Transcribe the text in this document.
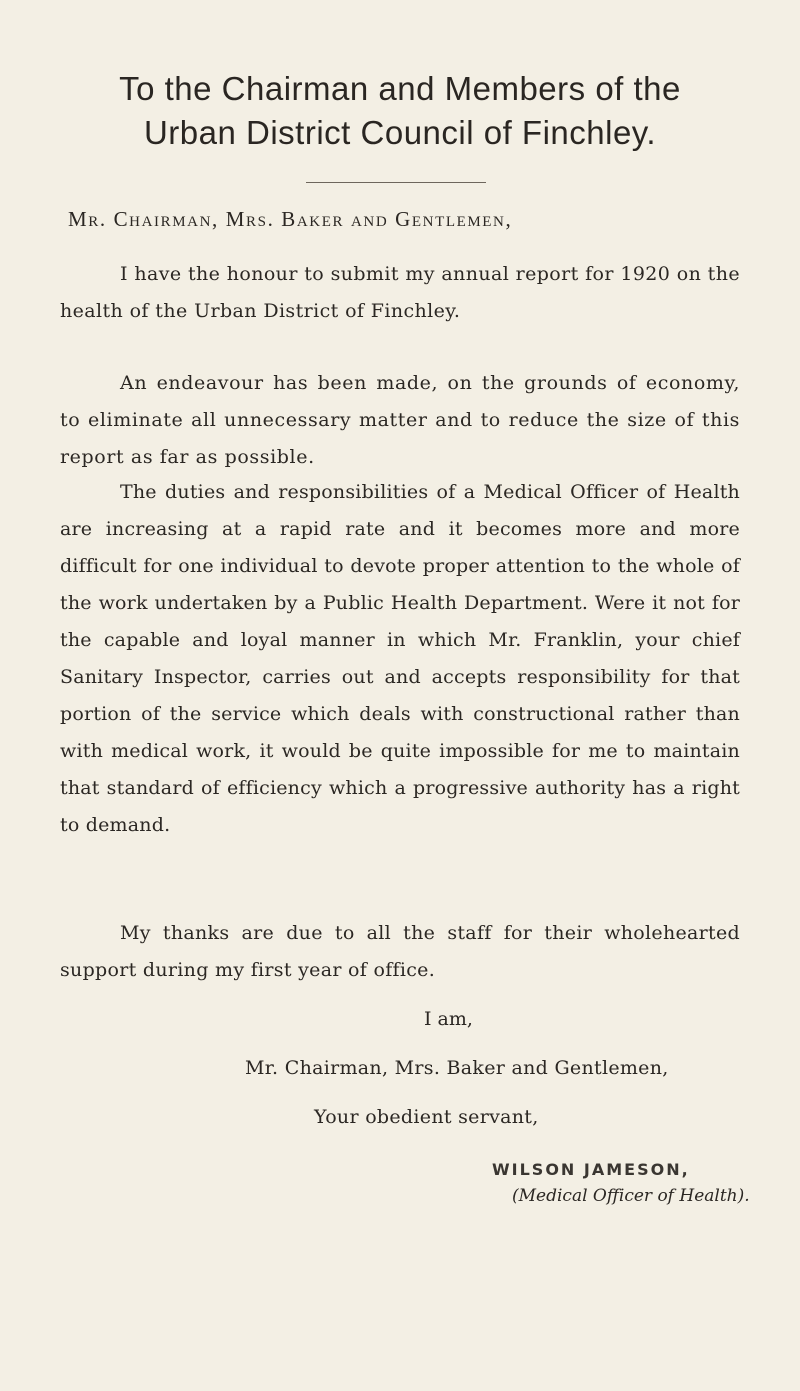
To the Chairman and Members of the
Urban District Council of Finchley.
Mr. Chairman, Mrs. Baker and Gentlemen,

I have the honour to submit my annual report for 1920 on the health of the Urban District of Finchley.

An endeavour has been made, on the grounds of economy, to eliminate all unnecessary matter and to reduce the size of this report as far as possible.

The duties and responsibilities of a Medical Officer of Health are increasing at a rapid rate and it becomes more and more difficult for one individual to devote proper attention to the whole of the work undertaken by a Public Health Department. Were it not for the capable and loyal manner in which Mr. Franklin, your chief Sanitary Inspector, carries out and accepts responsibility for that portion of the service which deals with constructional rather than with medical work, it would be quite impossible for me to maintain that standard of efficiency which a progressive authority has a right to demand.

My thanks are due to all the staff for their wholehearted support during my first year of office.

I am,
Mr. Chairman, Mrs. Baker and Gentlemen,
Your obedient servant,
WILSON JAMESON,
(Medical Officer of Health).
